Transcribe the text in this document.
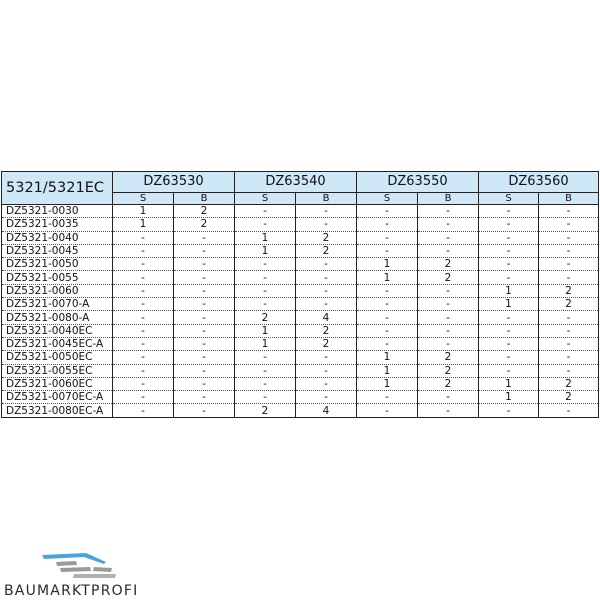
5321/5321EC	DZ63530		DZ63540		DZ63550		DZ63560	
	S	B	S	B	S	B	S	B
DZ5321-0030	1	2	-	-	-	-	-	-
DZ5321-0035	1	2	-	-	-	-	-	-
DZ5321-0040	-	-	1	2	-	-	-	-
DZ5321-0045	-	-	1	2	-	-	-	-
DZ5321-0050	-	-	-	-	1	2	-	-
DZ5321-0055	-	-	-	-	1	2	-	-
DZ5321-0060	-	-	-	-	-	-	1	2
DZ5321-0070-A	-	-	-	-	-	-	1	2
DZ5321-0080-A	-	-	2	4	-	-	-	-
DZ5321-0040EC	-	-	1	2	-	-	-	-
DZ5321-0045EC-A	-	-	1	2	-	-	-	-
DZ5321-0050EC	-	-	-	-	1	2	-	-
DZ5321-0055EC	-	-	-	-	1	2	-	-
DZ5321-0060EC	-	-	-	-	1	2	1	2
DZ5321-0070EC-A	-	-	-	-	-	-	1	2
DZ5321-0080EC-A	-	-	2	4	-	-	-	-
BAUMARKTPROFI
